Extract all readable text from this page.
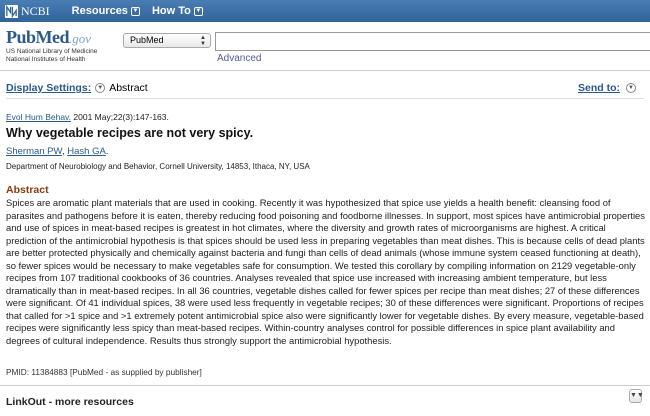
NCBI Resources ▼ How To ▼
PubMed.gov
US National Library of Medicine
National Institutes of Health
PubMed	▲
▼
Advanced
Display Settings:	▼ Abstract	Send to:	▼
Evol Hum Behav. 2001 May;22(3):147-163.
Why vegetable recipes are not very spicy.
Sherman PW, Hash GA.
Department of Neurobiology and Behavior, Cornell University, 14853, Ithaca, NY, USA
Abstract
Spices are aromatic plant materials that are used in cooking. Recently it was hypothesized that spice use yields a health benefit: cleansing food of parasites and pathogens before it is eaten, thereby reducing food poisoning and foodborne illnesses. In support, most spices have antimicrobial properties and use of spices in meat-based recipes is greatest in hot climates, where the diversity and growth rates of microorganisms are highest. A critical prediction of the antimicrobial hypothesis is that spices should be used less in preparing vegetables than meat dishes. This is because cells of dead plants are better protected physically and chemically against bacteria and fungi than cells of dead animals (whose immune system ceased functioning at death), so fewer spices would be necessary to make vegetables safe for consumption. We tested this corollary by compiling information on 2129 vegetable-only recipes from 107 traditional cookbooks of 36 countries. Analyses revealed that spice use increased with increasing ambient temperature, but less dramatically than in meat-based recipes. In all 36 countries, vegetable dishes called for fewer spices per recipe than meat dishes; 27 of these differences were significant. Of 41 individual spices, 38 were used less frequently in vegetable recipes; 30 of these differences were significant. Proportions of recipes that called for >1 spice and >1 extremely potent antimicrobial spice also were significantly lower for vegetable dishes. By every measure, vegetable-based recipes were significantly less spicy than meat-based recipes. Within-country analyses control for possible differences in spice plant availability and degrees of cultural independence. Results thus strongly support the antimicrobial hypothesis.
PMID: 11384883 [PubMed - as supplied by publisher]
LinkOut - more resources
▼▼
